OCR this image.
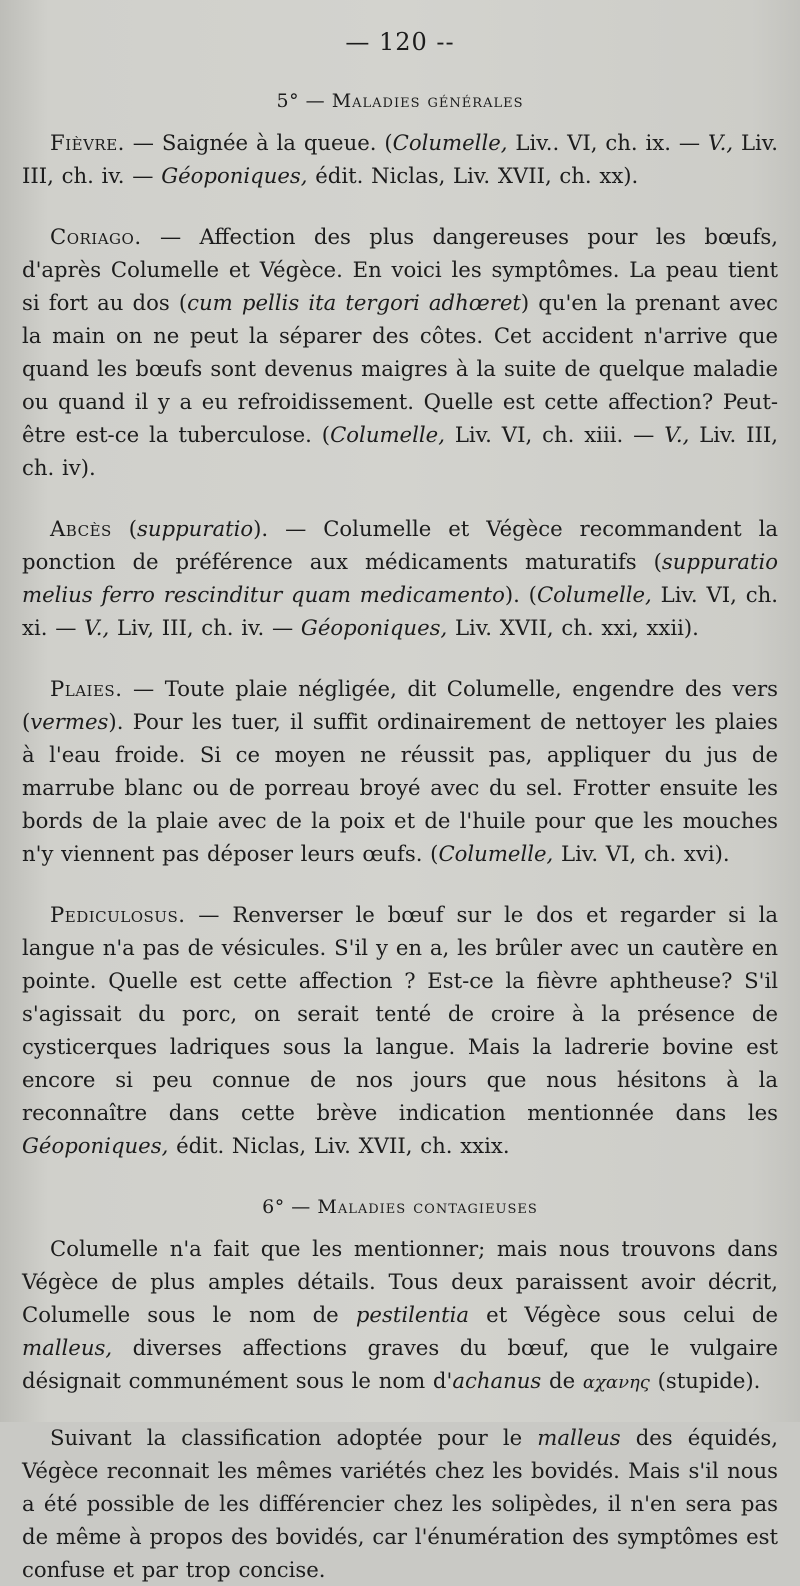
— 120 --
5° — Maladies générales

Fièvre. — Saignée à la queue. (Columelle, Liv.. VI, ch. ix. — V., Liv. III, ch. iv. — Géoponiques, édit. Niclas, Liv. XVII, ch. xx).

Coriago. — Affection des plus dangereuses pour les bœufs, d'après Columelle et Végèce. En voici les symptômes. La peau tient si fort au dos (cum pellis ita tergori adhœret) qu'en la prenant avec la main on ne peut la séparer des côtes. Cet accident n'arrive que quand les bœufs sont devenus maigres à la suite de quelque maladie ou quand il y a eu refroidissement. Quelle est cette affection? Peut-être est-ce la tuberculose. (Columelle, Liv. VI, ch. xiii. — V., Liv. III, ch. iv).

Abcès (suppuratio). — Columelle et Végèce recommandent la ponction de préférence aux médicaments maturatifs (suppuratio melius ferro rescinditur quam medicamento). (Columelle, Liv. VI, ch. xi. — V., Liv, III, ch. iv. — Géoponiques, Liv. XVII, ch. xxi, xxii).

Plaies. — Toute plaie négligée, dit Columelle, engendre des vers (vermes). Pour les tuer, il suffit ordinairement de nettoyer les plaies à l'eau froide. Si ce moyen ne réussit pas, appliquer du jus de marrube blanc ou de porreau broyé avec du sel. Frotter ensuite les bords de la plaie avec de la poix et de l'huile pour que les mouches n'y viennent pas déposer leurs œufs. (Columelle, Liv. VI, ch. xvi).

Pediculosus. — Renverser le bœuf sur le dos et regarder si la langue n'a pas de vésicules. S'il y en a, les brûler avec un cautère en pointe. Quelle est cette affection ? Est-ce la fièvre aphtheuse? S'il s'agissait du porc, on serait tenté de croire à la présence de cysticerques ladriques sous la langue. Mais la ladrerie bovine est encore si peu connue de nos jours que nous hésitons à la reconnaître dans cette brève indication mentionnée dans les Géoponiques, édit. Niclas, Liv. XVII, ch. xxix.

6° — Maladies contagieuses

Columelle n'a fait que les mentionner; mais nous trouvons dans Végèce de plus amples détails. Tous deux paraissent avoir décrit, Columelle sous le nom de pestilentia et Végèce sous celui de malleus, diverses affections graves du bœuf, que le vulgaire désignait communément sous le nom d'achanus de αχανης (stupide).

Suivant la classification adoptée pour le malleus des équidés, Végèce reconnait les mêmes variétés chez les bovidés. Mais s'il nous a été possible de les différencier chez les solipèdes, il n'en sera pas de même à propos des bovidés, car l'énumération des symptômes est confuse et par trop concise.
